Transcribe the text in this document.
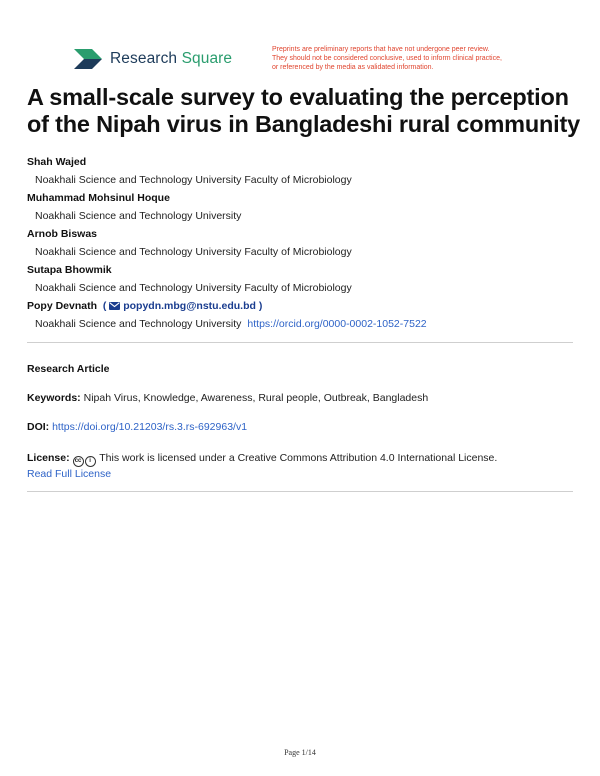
Research Square
Preprints are preliminary reports that have not undergone peer review.
They should not be considered conclusive, used to inform clinical practice,
or referenced by the media as validated information.
A small-scale survey to evaluating the perception of the Nipah virus in Bangladeshi rural community
Shah Wajed
Noakhali Science and Technology University Faculty of Microbiology
Muhammad Mohsinul Hoque
Noakhali Science and Technology University
Arnob Biswas
Noakhali Science and Technology University Faculty of Microbiology
Sutapa Bhowmik
Noakhali Science and Technology University Faculty of Microbiology
Popy Devnath  (  popydn.mbg@nstu.edu.bd )
Noakhali Science and Technology University https://orcid.org/0000-0002-1052-7522
Research Article
Keywords: Nipah Virus, Knowledge, Awareness, Rural people, Outbreak, Bangladesh
DOI: https://doi.org/10.21203/rs.3.rs-692963/v1
License: cc i This work is licensed under a Creative Commons Attribution 4.0 International License.
Read Full License
Page 1/14
